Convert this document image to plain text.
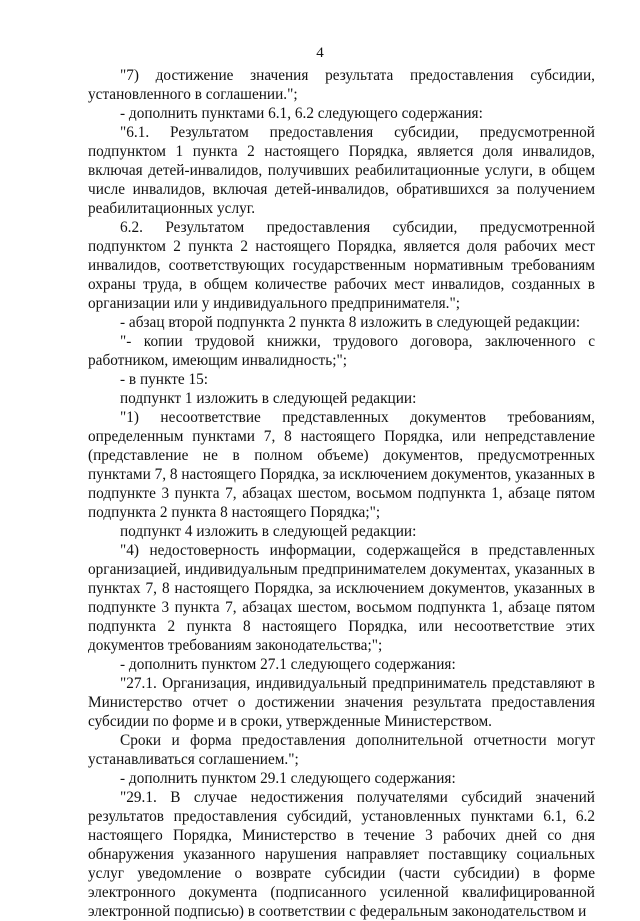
4

"7) достижение значения результата предоставления субсидии, установленного в соглашении.";

- дополнить пунктами 6.1, 6.2 следующего содержания:

"6.1. Результатом предоставления субсидии, предусмотренной подпунктом 1 пункта 2 настоящего Порядка, является доля инвалидов, включая детей-инвалидов, получивших реабилитационные услуги, в общем числе инвалидов, включая детей-инвалидов, обратившихся за получением реабилитационных услуг.

6.2. Результатом предоставления субсидии, предусмотренной подпунктом 2 пункта 2 настоящего Порядка, является доля рабочих мест инвалидов, соответствующих государственным нормативным требованиям охраны труда, в общем количестве рабочих мест инвалидов, созданных в организации или у индивидуального предпринимателя.";

- абзац второй подпункта 2 пункта 8 изложить в следующей редакции:

"- копии трудовой книжки, трудового договора, заключенного с работником, имеющим инвалидность;";

- в пункте 15:

подпункт 1 изложить в следующей редакции:

"1) несоответствие представленных документов требованиям, определенным пунктами 7, 8 настоящего Порядка, или непредставление (представление не в полном объеме) документов, предусмотренных пунктами 7, 8 настоящего Порядка, за исключением документов, указанных в подпункте 3 пункта 7, абзацах шестом, восьмом подпункта 1, абзаце пятом подпункта 2 пункта 8 настоящего Порядка;";

подпункт 4 изложить в следующей редакции:

"4) недостоверность информации, содержащейся в представленных организацией, индивидуальным предпринимателем документах, указанных в пунктах 7, 8 настоящего Порядка, за исключением документов, указанных в подпункте 3 пункта 7, абзацах шестом, восьмом подпункта 1, абзаце пятом подпункта 2 пункта 8 настоящего Порядка, или несоответствие этих документов требованиям законодательства;";

- дополнить пунктом 27.1 следующего содержания:

"27.1. Организация, индивидуальный предприниматель представляют в Министерство отчет о достижении значения результата предоставления субсидии по форме и в сроки, утвержденные Министерством.

Сроки и форма предоставления дополнительной отчетности могут устанавливаться соглашением.";

- дополнить пунктом 29.1 следующего содержания:

"29.1. В случае недостижения получателями субсидий значений результатов предоставления субсидий, установленных пунктами 6.1, 6.2 настоящего Порядка, Министерство в течение 3 рабочих дней со дня обнаружения указанного нарушения направляет поставщику социальных услуг уведомление о возврате субсидии (части субсидии) в форме электронного документа (подписанного усиленной квалифицированной электронной подписью) в соответствии с федеральным законодательством и
